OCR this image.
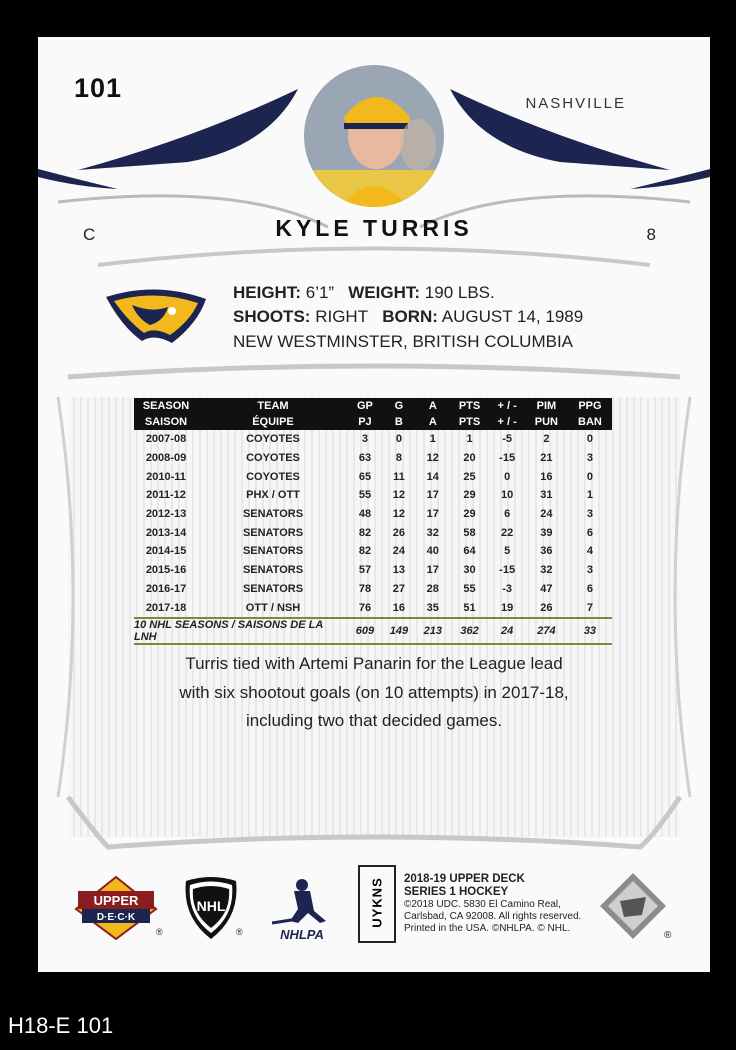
101
NASHVILLE
KYLE TURRIS
C	8
HEIGHT: 6’1” WEIGHT: 190 LBS.
SHOOTS: RIGHT BORN: AUGUST 14, 1989
NEW WESTMINSTER, BRITISH COLUMBIA
SEASON	TEAM	GP	G	A	PTS	+ / -	PIM	PPG
SAISON	ÉQUIPE	PJ	B	A	PTS	+ / -	PUN	BAN
2007-08	COYOTES	3	0	1	1	-5	2	0
2008-09	COYOTES	63	8	12	20	-15	21	3
2010-11	COYOTES	65	11	14	25	0	16	0
2011-12	PHX / OTT	55	12	17	29	10	31	1
2012-13	SENATORS	48	12	17	29	6	24	3
2013-14	SENATORS	82	26	32	58	22	39	6
2014-15	SENATORS	82	24	40	64	5	36	4
2015-16	SENATORS	57	13	17	30	-15	32	3
2016-17	SENATORS	78	27	28	55	-3	47	6
2017-18	OTT / NSH	76	16	35	51	19	26	7
10 NHL SEASONS / SAISONS DE LA LNH		609	149	213	362	24	274	33
Turris tied with Artemi Panarin for the League lead
with six shootout goals (on 10 attempts) in 2017-18,
including two that decided games.
UPPER
D·E·C·K
®
NHL
®	NHLPA
UYKNS 2018-19 UPPER DECK
SERIES 1 HOCKEY
©2018 UDC. 5830 El Camino Real,
Carlsbad, CA 92008. All rights reserved.
Printed in the USA. ©NHLPA. © NHL.
®
H18-E 101
